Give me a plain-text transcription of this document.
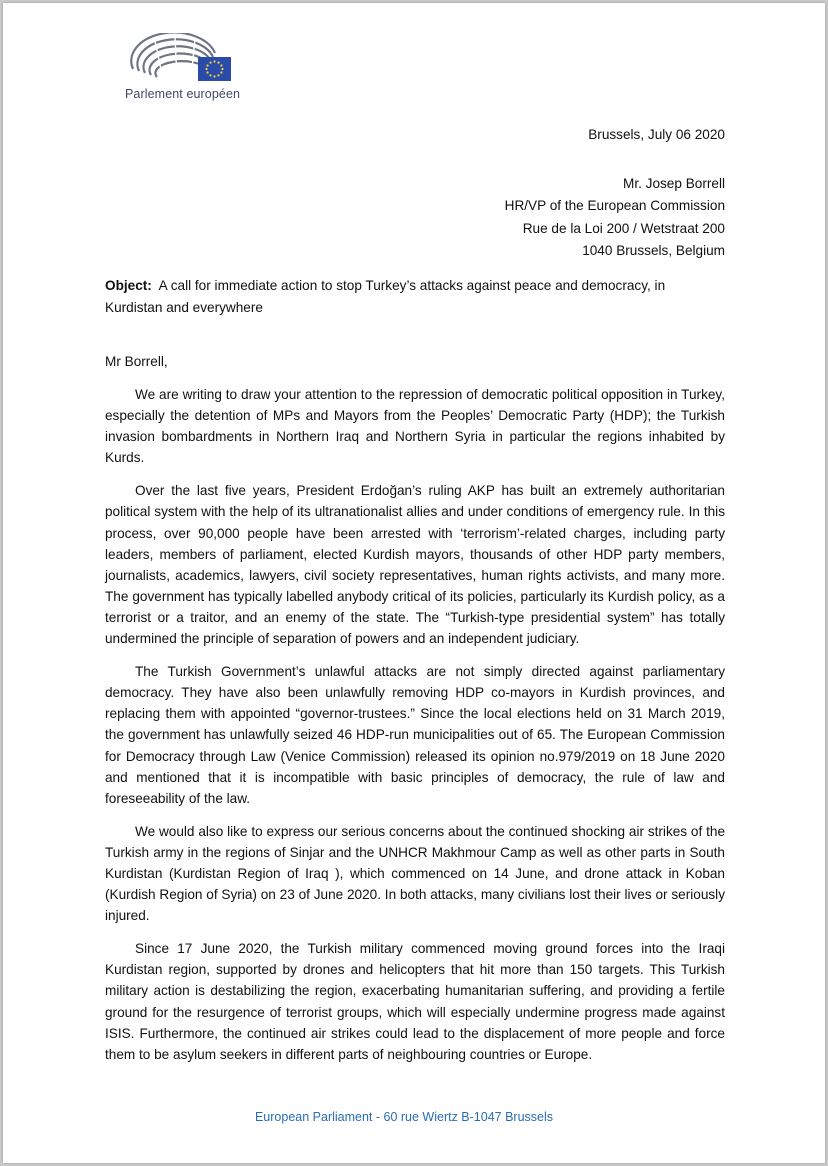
Parlement européen
Brussels, July 06 2020
Mr. Josep Borrell
HR/VP of the European Commission
Rue de la Loi 200 / Wetstraat 200
1040 Brussels, Belgium
Object: A call for immediate action to stop Turkey’s attacks against peace and democracy, in Kurdistan and everywhere
Mr Borrell,

We are writing to draw your attention to the repression of democratic political opposition in Turkey, especially the detention of MPs and Mayors from the Peoples’ Democratic Party (HDP); the Turkish invasion bombardments in Northern Iraq and Northern Syria in particular the regions inhabited by Kurds.

Over the last five years, President Erdoğan’s ruling AKP has built an extremely authoritarian political system with the help of its ultranationalist allies and under conditions of emergency rule. In this process, over 90,000 people have been arrested with ‘terrorism’-related charges, including party leaders, members of parliament, elected Kurdish mayors, thousands of other HDP party members, journalists, academics, lawyers, civil society representatives, human rights activists, and many more. The government has typically labelled anybody critical of its policies, particularly its Kurdish policy, as a terrorist or a traitor, and an enemy of the state. The “Turkish-type presidential system” has totally undermined the principle of separation of powers and an independent judiciary.

The Turkish Government’s unlawful attacks are not simply directed against parliamentary democracy. They have also been unlawfully removing HDP co-mayors in Kurdish provinces, and replacing them with appointed “governor-trustees.” Since the local elections held on 31 March 2019, the government has unlawfully seized 46 HDP-run municipalities out of 65. The European Commission for Democracy through Law (Venice Commission) released its opinion no.979/2019 on 18 June 2020 and mentioned that it is incompatible with basic principles of democracy, the rule of law and foreseeability of the law.

We would also like to express our serious concerns about the continued shocking air strikes of the Turkish army in the regions of Sinjar and the UNHCR Makhmour Camp as well as other parts in South Kurdistan (Kurdistan Region of Iraq ), which commenced on 14 June, and drone attack in Koban (Kurdish Region of Syria) on 23 of June 2020. In both attacks, many civilians lost their lives or seriously injured.

Since 17 June 2020, the Turkish military commenced moving ground forces into the Iraqi Kurdistan region, supported by drones and helicopters that hit more than 150 targets. This Turkish military action is destabilizing the region, exacerbating humanitarian suffering, and providing a fertile ground for the resurgence of terrorist groups, which will especially undermine progress made against ISIS. Furthermore, the continued air strikes could lead to the displacement of more people and force them to be asylum seekers in different parts of neighbouring countries or Europe.

European Parliament - 60 rue Wiertz B-1047 Brussels
